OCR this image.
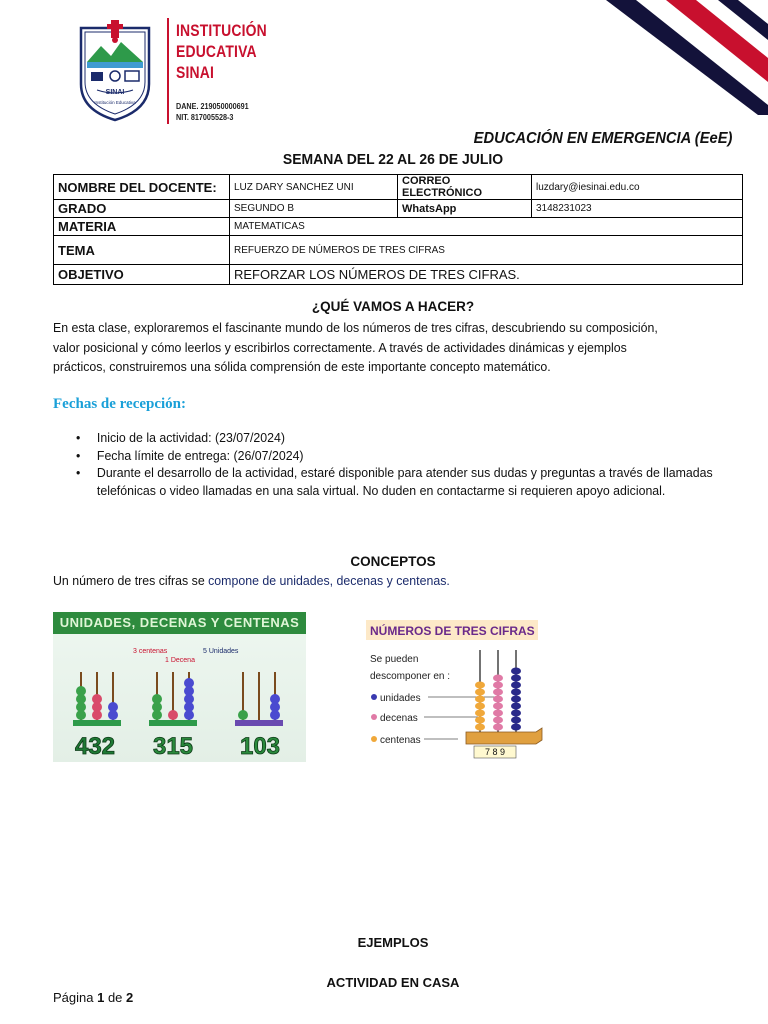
SINAI
Institución Educativa
INSTITUCIÓN
EDUCATIVA
SINAI
DANE. 219050000691
NIT. 817005528-3
EDUCACIÓN EN EMERGENCIA (EeE)
SEMANA DEL 22 AL 26 DE JULIO
NOMBRE DEL DOCENTE:	LUZ DARY SANCHEZ UNI	CORREO ELECTRÓNICO	luzdary@iesinai.edu.co
GRADO	SEGUNDO B	WhatsApp	3148231023
MATERIA	MATEMATICAS		
TEMA	REFUERZO DE NÚMEROS DE TRES CIFRAS		
OBJETIVO	REFORZAR LOS NÚMEROS DE TRES CIFRAS.		
¿QUÉ VAMOS A HACER?
En esta clase, exploraremos el fascinante mundo de los números de tres cifras, descubriendo su composición, valor posicional y cómo leerlos y escribirlos correctamente. A través de actividades dinámicas y ejemplos prácticos, construiremos una sólida comprensión de este importante concepto matemático.
Fechas de recepción:
• Inicio de la actividad: (23/07/2024)
• Fecha límite de entrega: (26/07/2024)
• Durante el desarrollo de la actividad, estaré disponible para atender sus dudas y preguntas a través de llamadas telefónicas o video llamadas en una sala virtual. No duden en contactarme si requieren apoyo adicional.
CONCEPTOS
Un número de tres cifras se compone de unidades, decenas y centenas.
UNIDADES, DECENAS Y CENTENAS
3 centenas	5 Unidades
1 Decena
432 315 103
NÚMEROS DE TRES CIFRAS
Se pueden
descomponer en :
unidades
decenas
centenas
7 8 9
EJEMPLOS
ACTIVIDAD EN CASA
Página 1 de 2
